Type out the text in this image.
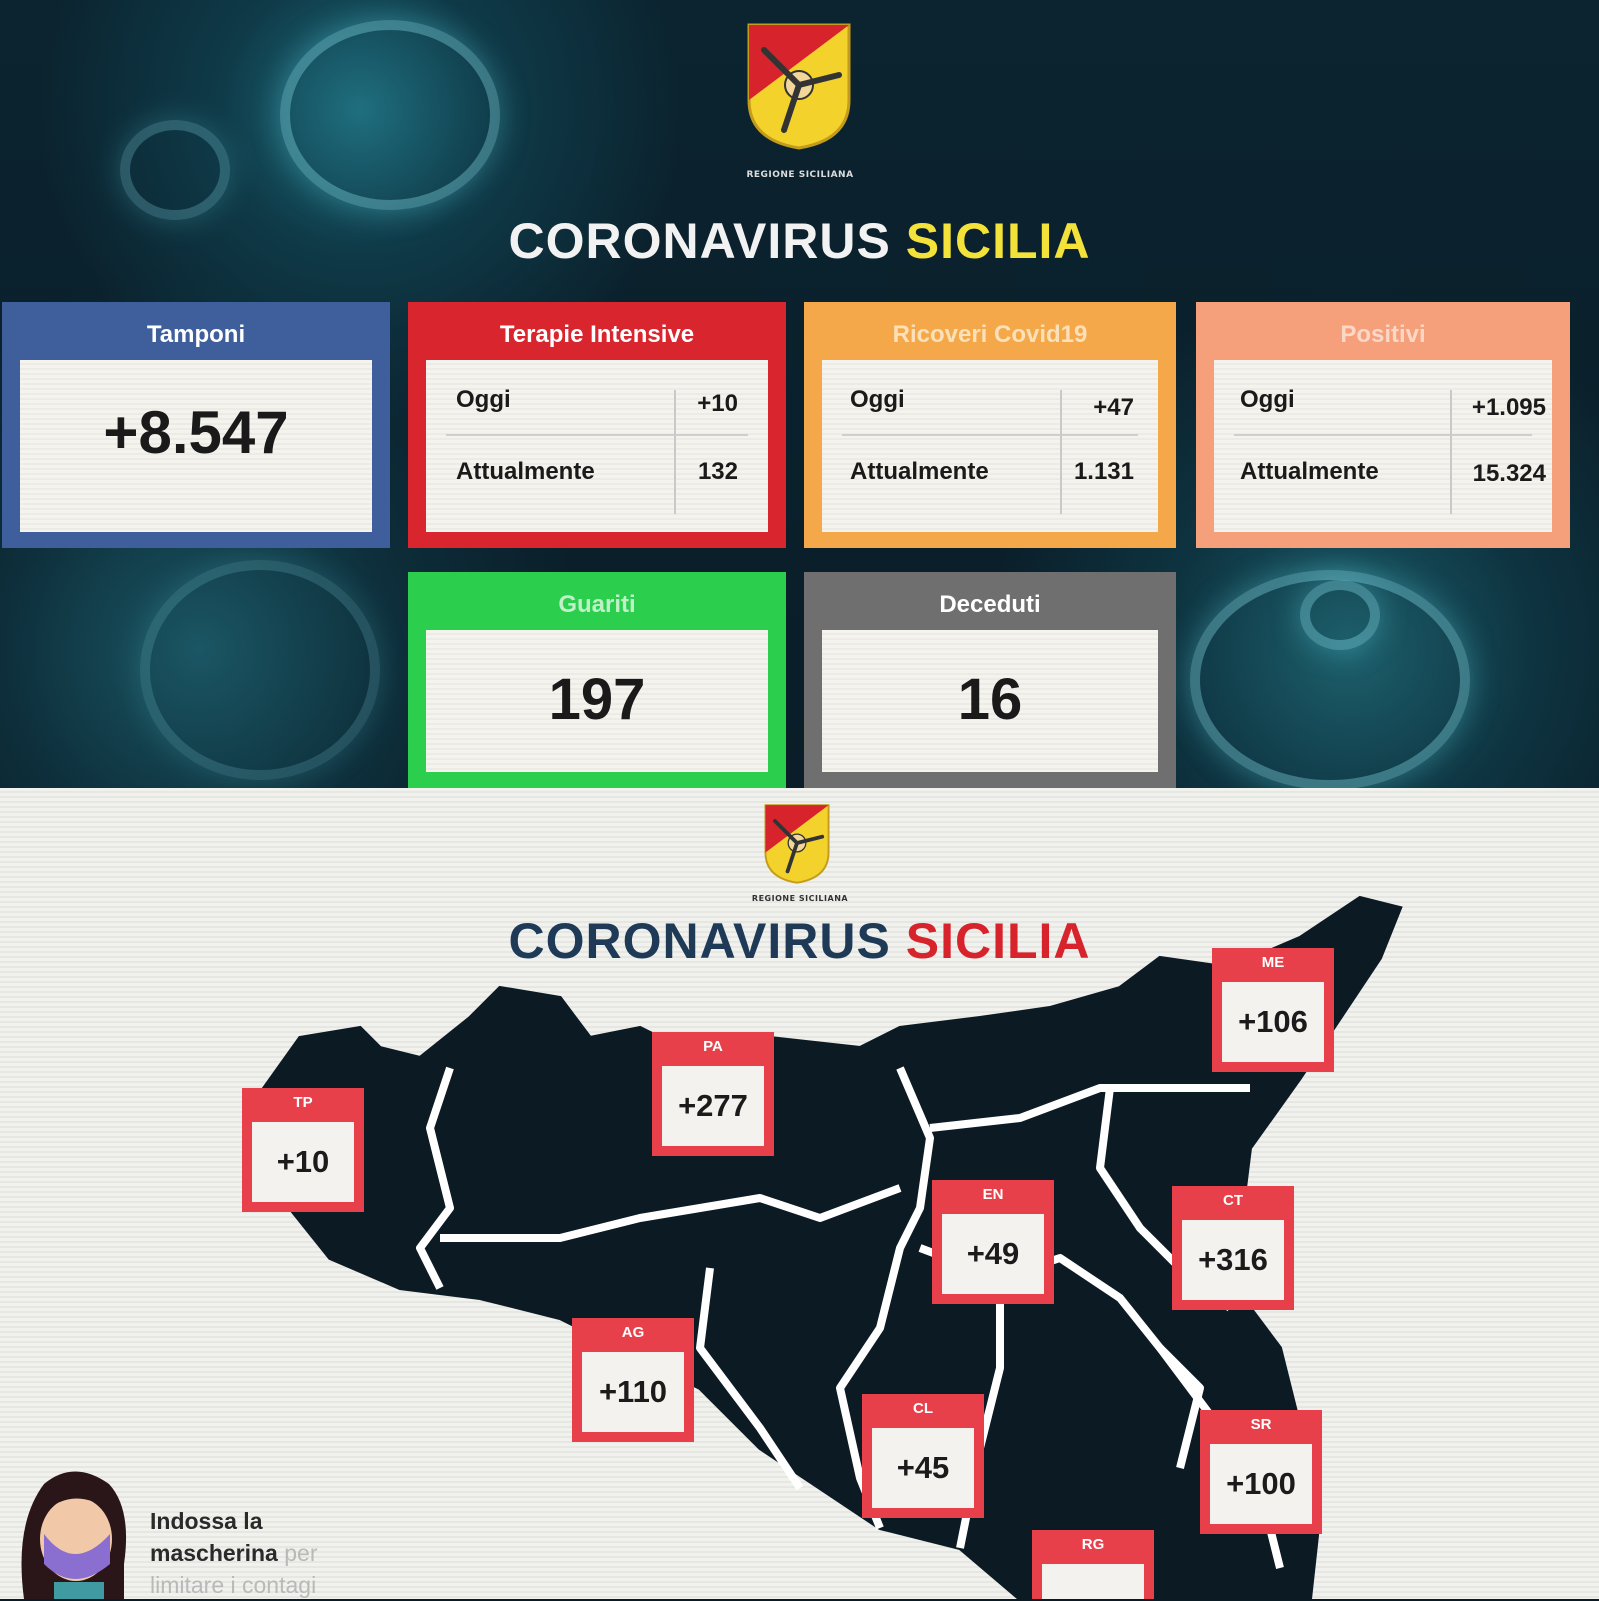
REGIONE SICILIANA
CORONAVIRUS SICILIA
Tamponi
+8.547
Terapie Intensive
Oggi	+10
Attualmente	132
Ricoveri Covid19
Oggi	+47
Attualmente	1.131
Positivi
Oggi	+1.095
Attualmente	15.324
Guariti
197
Deceduti
16
REGIONE SICILIANA
CORONAVIRUS SICILIA
TP
+10
PA
+277
ME
+106
EN
+49
CT
+316
AG
+110	CL
+45
SR
+100
RG
Indossa la
mascherina per
limitare i contagi
